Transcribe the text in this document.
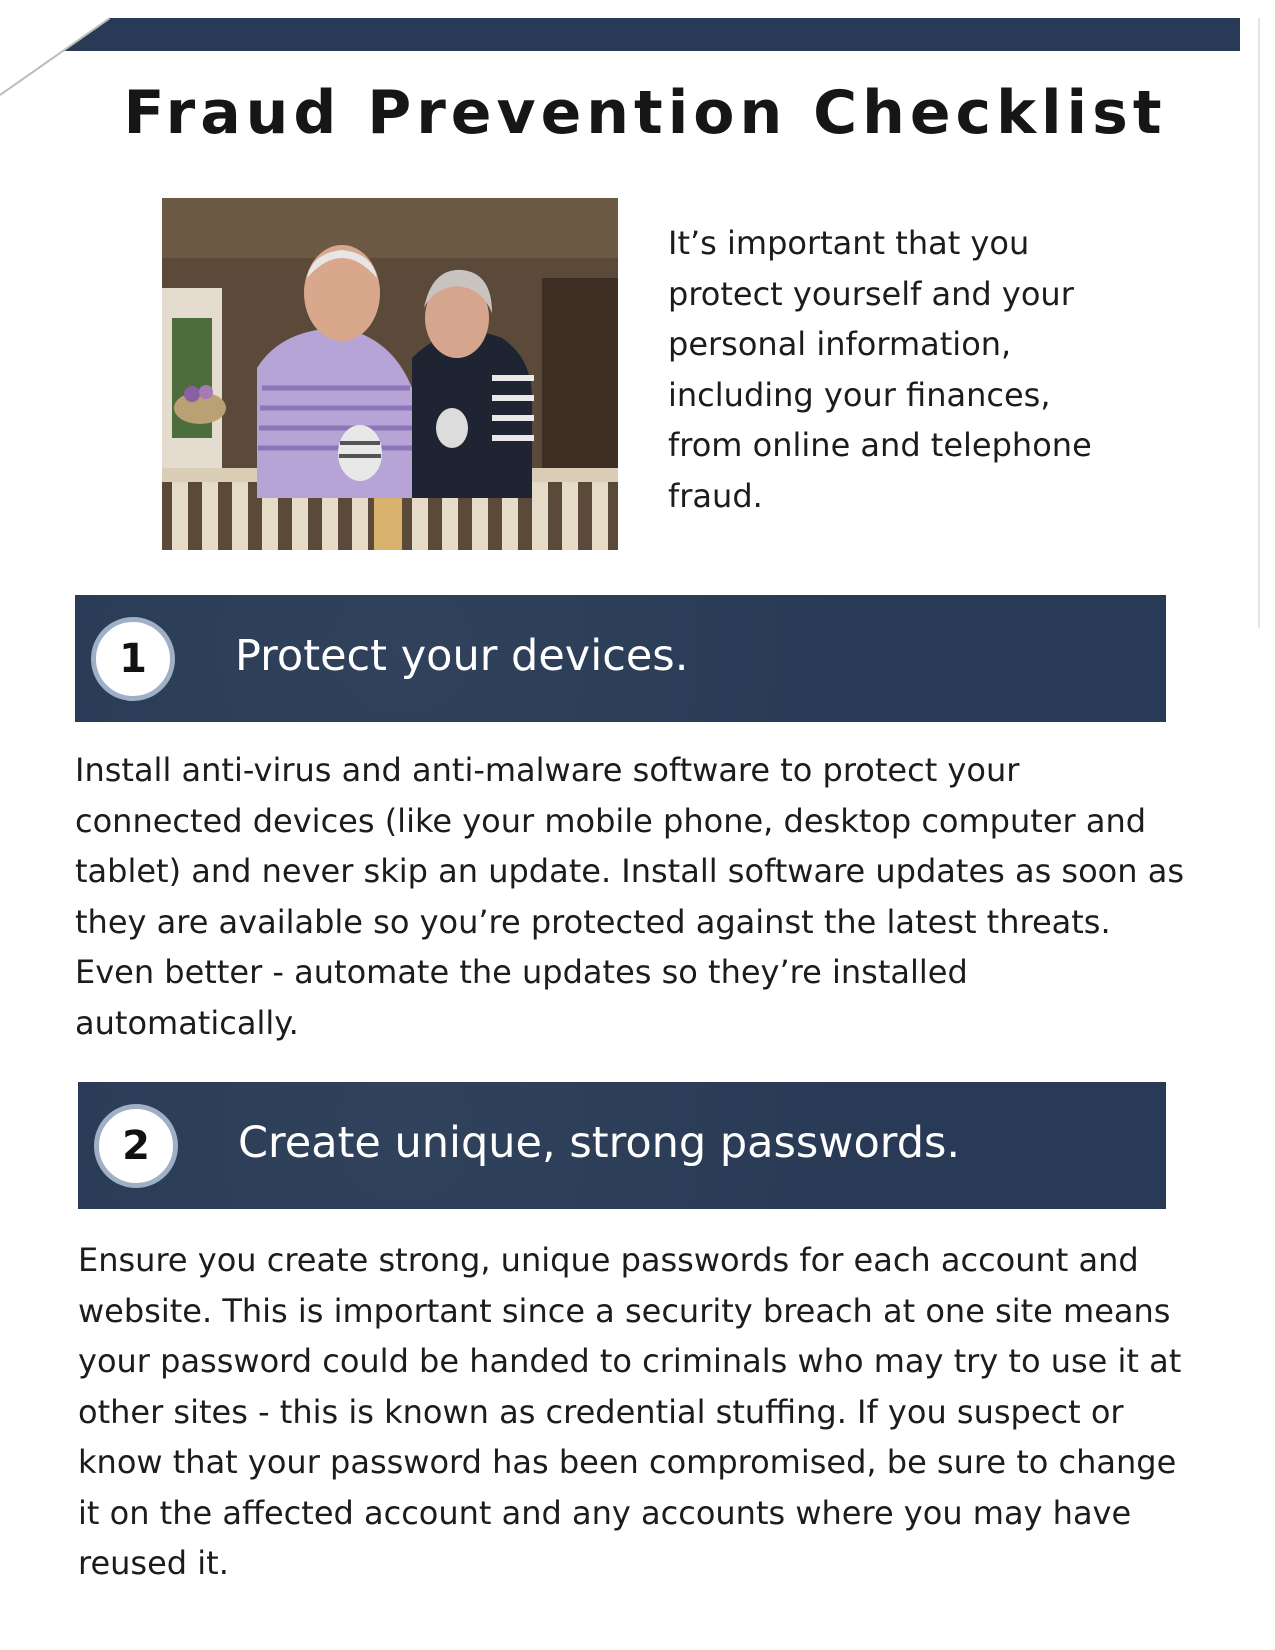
Fraud Prevention Checklist

It’s important that you protect yourself and your personal information, including your finances, from online and telephone fraud.

1	Protect your devices.

Install anti-virus and anti-malware software to protect your connected devices (like your mobile phone, desktop computer and tablet) and never skip an update. Install software updates as soon as they are available so you’re protected against the latest threats. Even better - automate the updates so they’re installed automatically.

2	Create unique, strong passwords.

Ensure you create strong, unique passwords for each account and website. This is important since a security breach at one site means your password could be handed to criminals who may try to use it at other sites - this is known as credential stuffing. If you suspect or know that your password has been compromised, be sure to change it on the affected account and any accounts where you may have reused it.
